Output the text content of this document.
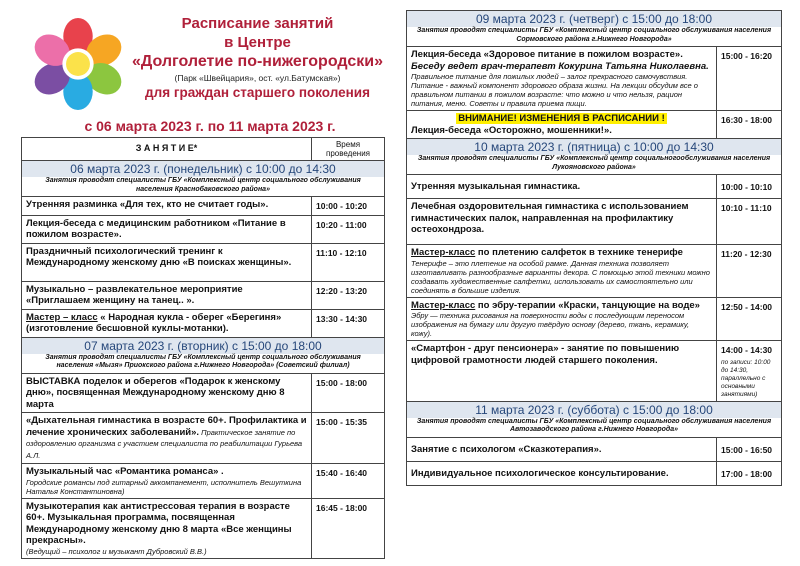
Расписание занятий
в Центре
«Долголетие по-нижегородски»
(Парк «Швейцария», ост. «ул.Батумская»)
для граждан старшего поколения
с 06 марта 2023 г. по 11 марта 2023 г.
З А Н Я Т И Е*	Время проведения
06 марта 2023 г. (понедельник) с 10:00 до 14:30	
Занятия проводят специалисты ГБУ «Комплексный центр социального обслуживания населения Краснобаковского района»	
Утренняя разминка «Для тех, кто не считает годы».	10:00 - 10:20
Лекция-беседа с медицинским работником «Питание в пожилом возрасте».	10:20 - 11:00
Праздничный психологический тренинг к Международному женскому дню «В поисках женщины».	11:10 - 12:10
Музыкально – развлекательное мероприятие «Приглашаем женщину на танец.. ».	12:20 - 13:20
Мастер – класс « Народная кукла - оберег «Берегиня» (изготовление бесшовной куклы-мотанки).	13:30 - 14:30
07 марта 2023 г. (вторник) с 15:00 до 18:00	
Занятия проводят специалисты ГБУ «Комплексный центр социального обслуживания населения «Мызя» Приокского района г.Нижнего Новгорода» (Советский филиал)	
ВЫСТАВКА поделок и оберегов «Подарок к женскому дню», посвященная Международному женскому дню 8 марта	15:00 - 18:00
«Дыхательная гимнастика в возрасте 60+. Профилактика и лечение хронических заболеваний». Практическое занятие по оздоровлению организма с участием специалиста по реабилитации Гурьева А.Л.	15:00 - 15:35

Музыкальный час «Романтика романса» .
Городские романсы под гитарный аккомпанемент, исполнитель Вешуткина Наталья Константиновна)	15:40 - 16:40

Музыкотерапия как антистрессовая терапия в возрасте 60+. Музыкальная программа, посвященная Международному женскому дню 8 марта «Все женщины прекрасны».
(Ведущий – психолог и музыкант Дубровский В.В.)	16:45 - 18:00
09 марта 2023 г. (четверг) с 15:00 до 18:00	
Занятия проводят специалисты ГБУ «Комплексный центр социального обслуживания населения Сормовского района г.Нижнего Новгорода»	

Лекция-беседа «Здоровое питание в пожилом возрасте».
Беседу ведет врач-терапевт Кокурина Татьяна Николаевна.
Правильное питание для пожилых людей – залог прекрасного самочувствия. Питание - важный компонент здорового образа жизни. На лекции обсудим все о правильном питании в пожилом возрасте: что можно и что нельзя, рацион питания, меню. Советы и правила приема пищи.	15:00 - 16:20

ВНИМАНИЕ! ИЗМЕНЕНИЯ В РАСПИСАНИИ !
Лекция-беседа «Осторожно, мошенники!».	16:30 - 18:00
10 марта 2023 г. (пятница) с 10:00 до 14:30	
Занятия проводят специалисты ГБУ «Комплексный центр социальногообслуживания населения Лукояновского района»	
Утренняя музыкальная гимнастика.	10:00 - 10:10
Лечебная оздоровительная гимнастика с использованием гимнастических палок, направленная на профилактику остеохондроза.	10:10 - 11:10

Мастер-класс по плетению салфеток в технике тенерифе
Тенерифе – это плетение на особой рамке. Данная техника позволяет изготавливать разнообразные варианты декора. С помощью этой техники можно создавать художественные салфетки, использовать их самостоятельно или соединять в большие изделия.	11:20 - 12:30

Мастер-класс по эбру-терапии «Краски, танцующие на воде»
Эбру — техника рисования на поверхности воды с последующим переносом изображения на бумагу или другую твёрдую основу (дерево, ткань, керамику, кожу).	12:50 - 14:00
«Смартфон - друг пенсионера» - занятие по повышению цифровой грамотности людей старшего поколения.	14:00 - 14:30
по записи: 10:00 до 14:30, параллельно с основными занятиями)

11 марта 2023 г. (суббота) с 15:00 до 18:00	
Занятия проводят специалисты ГБУ «Комплексный центр социального обслуживания населения Автозаводского района г.Нижнего Новгорода»	
Занятие с психологом «Сказкотерапия».	15:00 - 16:50
Индивидуальное психологическое консультирование.	17:00 - 18:00
